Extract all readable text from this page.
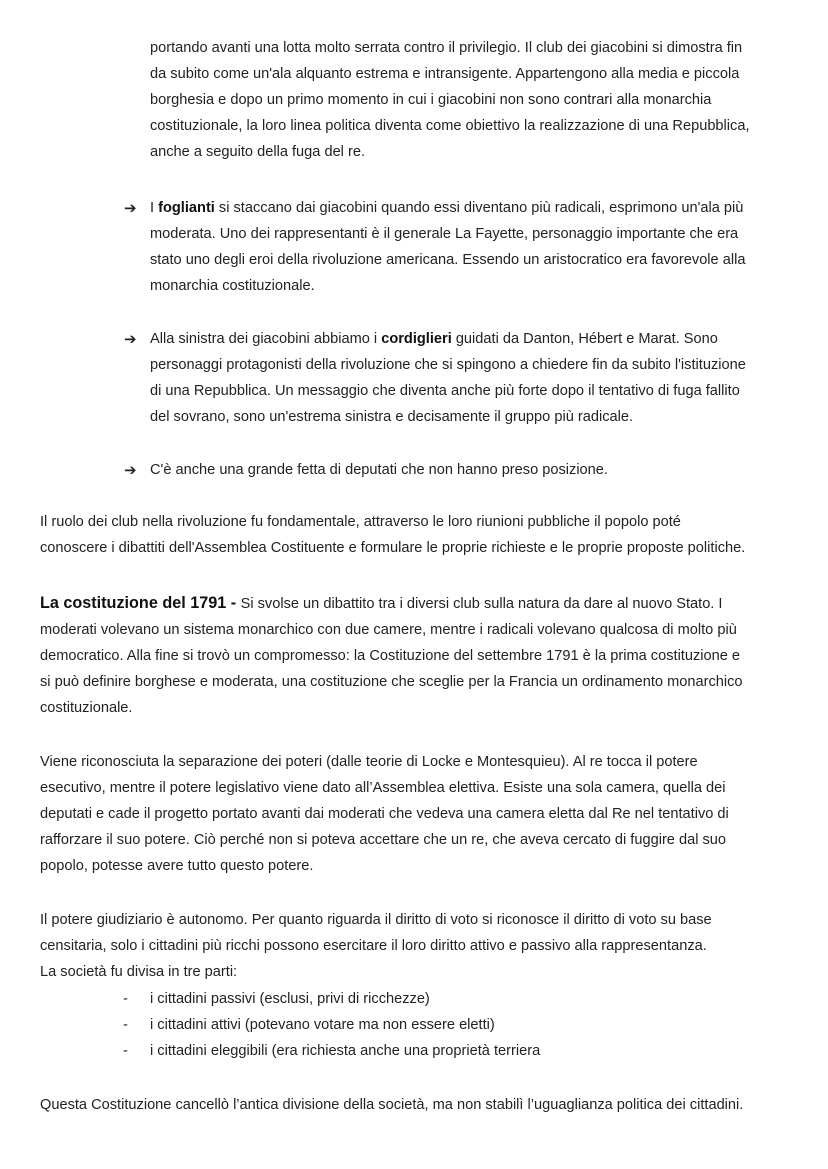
portando avanti una lotta molto serrata contro il privilegio. Il club dei giacobini si dimostra fin
da subito come un'ala alquanto estrema e intransigente. Appartengono alla media e piccola
borghesia e dopo un primo momento in cui i giacobini non sono contrari alla monarchia
costituzionale, la loro linea politica diventa come obiettivo la realizzazione di una Repubblica,
anche a seguito della fuga del re.
➔ I foglianti si staccano dai giacobini quando essi diventano più radicali, esprimono un'ala più
moderata. Uno dei rappresentanti è il generale La Fayette, personaggio importante che era
stato uno degli eroi della rivoluzione americana. Essendo un aristocratico era favorevole alla
monarchia costituzionale.
➔ Alla sinistra dei giacobini abbiamo i cordiglieri guidati da Danton, Hébert e Marat. Sono
personaggi protagonisti della rivoluzione che si spingono a chiedere fin da subito l'istituzione
di una Repubblica. Un messaggio che diventa anche più forte dopo il tentativo di fuga fallito
del sovrano, sono un'estrema sinistra e decisamente il gruppo più radicale.
➔ C'è anche una grande fetta di deputati che non hanno preso posizione.
Il ruolo dei club nella rivoluzione fu fondamentale, attraverso le loro riunioni pubbliche il popolo poté
conoscere i dibattiti dell'Assemblea Costituente e formulare le proprie richieste e le proprie proposte politiche.
La costituzione del 1791 - Si svolse un dibattito tra i diversi club sulla natura da dare al nuovo Stato. I
moderati volevano un sistema monarchico con due camere, mentre i radicali volevano qualcosa di molto più
democratico. Alla fine si trovò un compromesso: la Costituzione del settembre 1791 è la prima costituzione e
si può definire borghese e moderata, una costituzione che sceglie per la Francia un ordinamento monarchico
costituzionale.
Viene riconosciuta la separazione dei poteri (dalle teorie di Locke e Montesquieu). Al re tocca il potere
esecutivo, mentre il potere legislativo viene dato all’Assemblea elettiva. Esiste una sola camera, quella dei
deputati e cade il progetto portato avanti dai moderati che vedeva una camera eletta dal Re nel tentativo di
rafforzare il suo potere. Ciò perché non si poteva accettare che un re, che aveva cercato di fuggire dal suo
popolo, potesse avere tutto questo potere.
Il potere giudiziario è autonomo. Per quanto riguarda il diritto di voto si riconosce il diritto di voto su base
censitaria, solo i cittadini più ricchi possono esercitare il loro diritto attivo e passivo alla rappresentanza.
La società fu divisa in tre parti:
- i cittadini passivi (esclusi, privi di ricchezze)
- i cittadini attivi (potevano votare ma non essere eletti)
- i cittadini eleggibili (era richiesta anche una proprietà terriera
Questa Costituzione cancellò l’antica divisione della società, ma non stabilì l’uguaglianza politica dei cittadini.
